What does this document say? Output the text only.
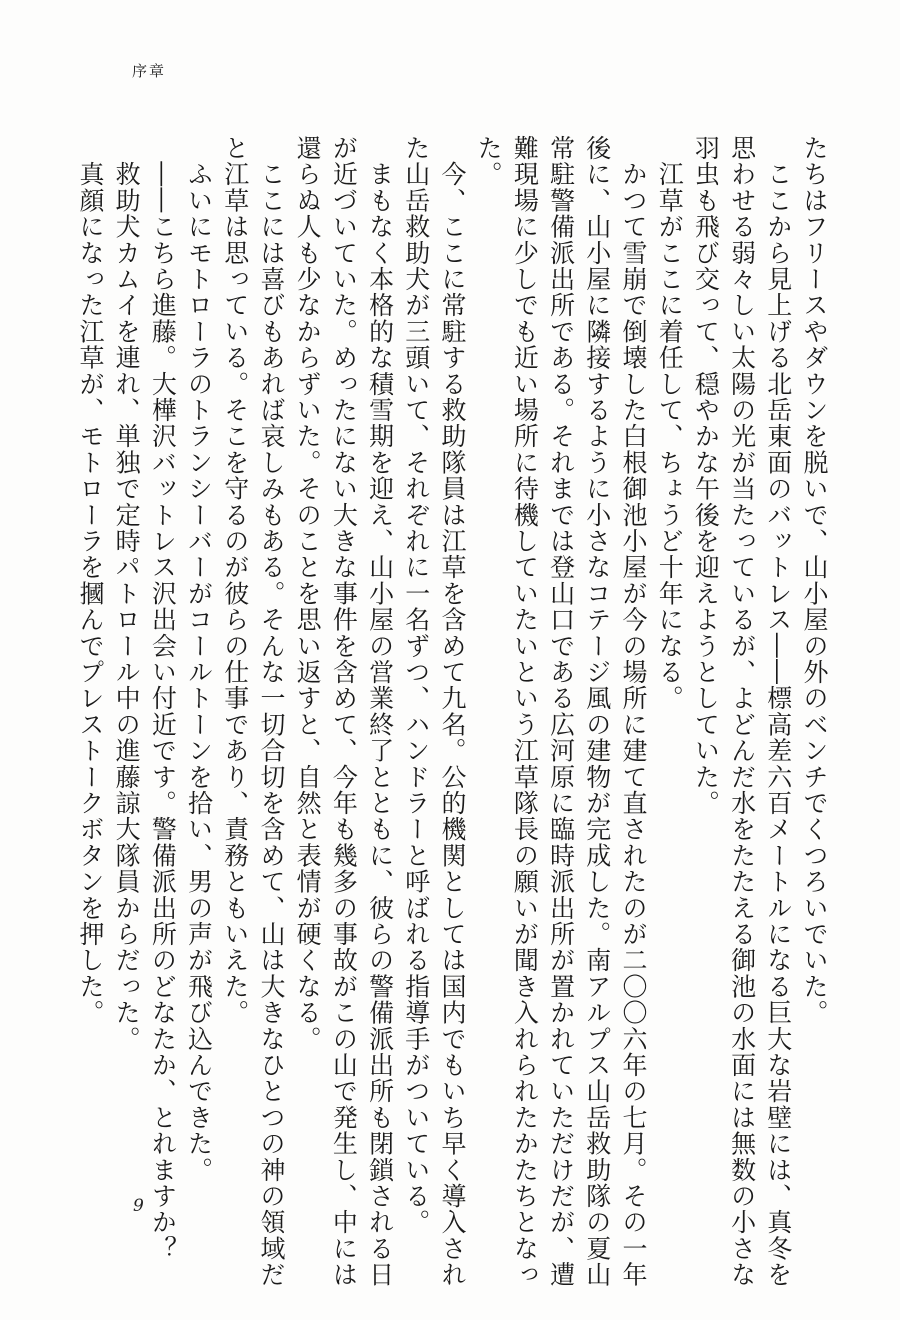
序章
たちはフリースやダウンを脱いで、山小屋の外のベンチでくつろいでいた。
　ここから見上げる北岳東面のバットレス――標高差六百メートルになる巨大な岩壁には、真冬を
思わせる弱々しい太陽の光が当たっているが、よどんだ水をたたえる御池の水面には無数の小さな
羽虫も飛び交って、穏やかな午後を迎えようとしていた。
　江草がここに着任して、ちょうど十年になる。
　かつて雪崩で倒壊した白根御池小屋が今の場所に建て直されたのが二〇〇六年の七月。その一年
後に、山小屋に隣接するように小さなコテージ風の建物が完成した。南アルプス山岳救助隊の夏山
常駐警備派出所である。それまでは登山口である広河原に臨時派出所が置かれていただけだが、遭
難現場に少しでも近い場所に待機していたいという江草隊長の願いが聞き入れられたかたちとなっ
た。
　今、ここに常駐する救助隊員は江草を含めて九名。公的機関としては国内でもいち早く導入され
た山岳救助犬が三頭いて、それぞれに一名ずつ、ハンドラーと呼ばれる指導手がついている。
　まもなく本格的な積雪期を迎え、山小屋の営業終了とともに、彼らの警備派出所も閉鎖される日
が近づいていた。めったにない大きな事件を含めて、今年も幾多の事故がこの山で発生し、中には
還らぬ人も少なからずいた。そのことを思い返すと、自然と表情が硬くなる。
　ここには喜びもあれば哀しみもある。そんな一切合切を含めて、山は大きなひとつの神の領域だ
と江草は思っている。そこを守るのが彼らの仕事であり、責務ともいえた。
　ふいにモトローラのトランシーバーがコールトーンを拾い、男の声が飛び込んできた。
　――こちら進藤。大樺沢バットレス沢出会い付近です。警備派出所のどなたか、とれますか？
　救助犬カムイを連れ、単独で定時パトロール中の進藤諒大隊員からだった。
　真顔になった江草が、モトローラを摑んでプレストークボタンを押した。
9
